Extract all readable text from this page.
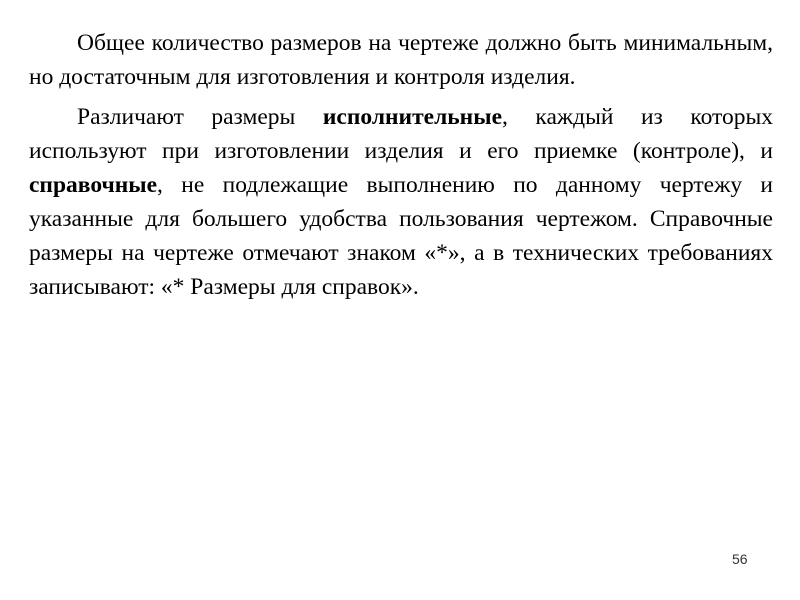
Общее количество размеров на чертеже должно быть минимальным, но достаточным для изготовления и контроля изделия.

Различают размеры исполнительные, каждый из которых используют при изготовлении изделия и его приемке (контроле), и справочные, не подлежащие выполнению по данному чертежу и указанные для большего удобства пользования чертежом. Справочные размеры на чертеже отмечают знаком «*», а в технических требованиях записывают: «* Размеры для справок».

56
